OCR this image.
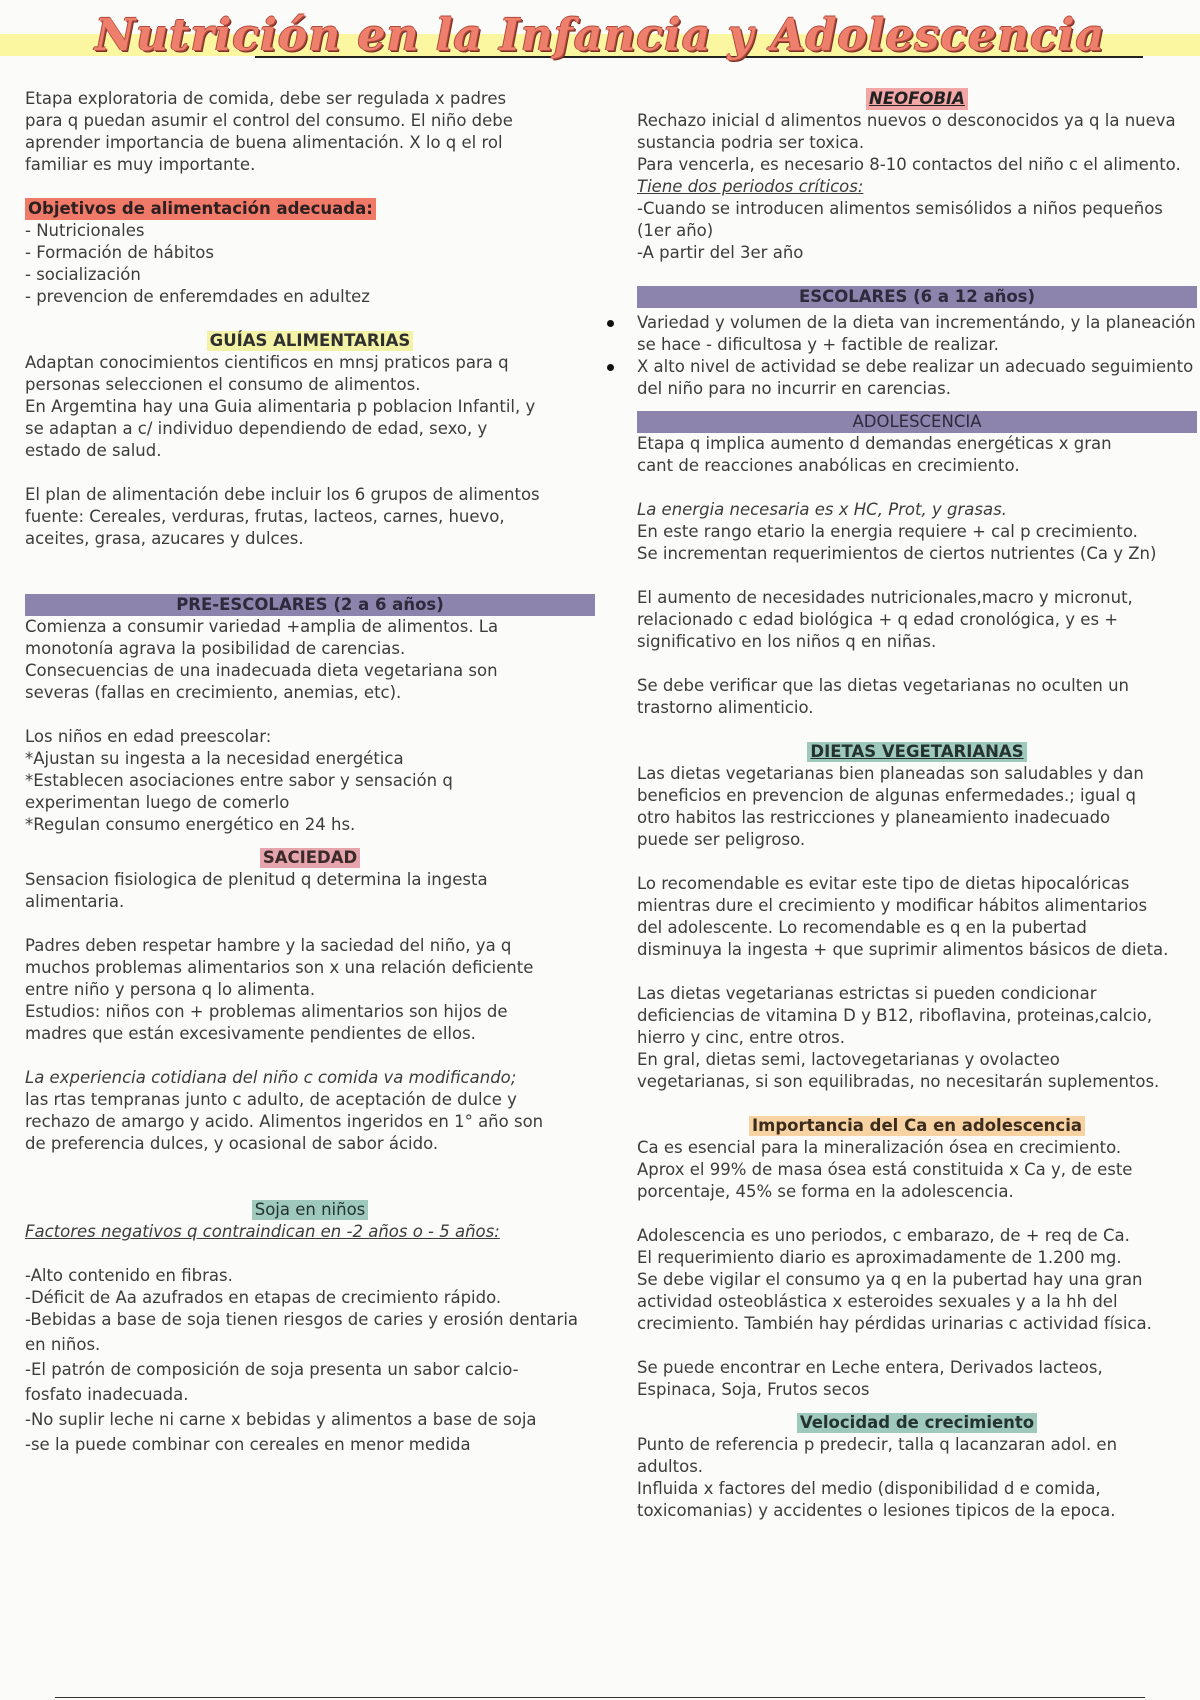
Nutrición en la Infancia y Adolescencia

Etapa exploratoria de comida, debe ser regulada x padres

para q puedan asumir el control del consumo. El niño debe

aprender importancia de buena alimentación. X lo q el rol

familiar es muy importante.

Objetivos de alimentación adecuada:

- Nutricionales

- Formación de hábitos

- socialización

- prevencion de enferemdades en adultez

GUÍAS ALIMENTARIAS

Adaptan conocimientos cientificos en mnsj praticos para q

personas seleccionen el consumo de alimentos.

En Argemtina hay una Guia alimentaria p poblacion Infantil, y

se adaptan a c/ individuo dependiendo de edad, sexo, y

estado de salud.

El plan de alimentación debe incluir los 6 grupos de alimentos

fuente: Cereales, verduras, frutas, lacteos, carnes, huevo,

aceites, grasa, azucares y dulces.

PRE-ESCOLARES (2 a 6 años)

Comienza a consumir variedad +amplia de alimentos. La

monotonía agrava la posibilidad de carencias.

Consecuencias de una inadecuada dieta vegetariana son

severas (fallas en crecimiento, anemias, etc).

Los niños en edad preescolar:

*Ajustan su ingesta a la necesidad energética

*Establecen asociaciones entre sabor y sensación q

experimentan luego de comerlo

*Regulan consumo energético en 24 hs.

SACIEDAD

Sensacion fisiologica de plenitud q determina la ingesta

alimentaria.

Padres deben respetar hambre y la saciedad del niño, ya q

muchos problemas alimentarios son x una relación deficiente

entre niño y persona q lo alimenta.

Estudios: niños con + problemas alimentarios son hijos de

madres que están excesivamente pendientes de ellos.

La experiencia cotidiana del niño c comida va modificando;

las rtas tempranas junto c adulto, de aceptación de dulce y

rechazo de amargo y acido. Alimentos ingeridos en 1° año son

de preferencia dulces, y ocasional de sabor ácido.

Soja en niños

Factores negativos q contraindican en -2 años o - 5 años:

-Alto contenido en fibras.

-Déficit de Aa azufrados en etapas de crecimiento rápido.

-Bebidas a base de soja tienen riesgos de caries y erosión dentaria

en niños.

-El patrón de composición de soja presenta un sabor calcio-

fosfato inadecuada.

-No suplir leche ni carne x bebidas y alimentos a base de soja

-se la puede combinar con cereales en menor medida

NEOFOBIA

Rechazo inicial d alimentos nuevos o desconocidos ya q la nueva

sustancia podria ser toxica.

Para vencerla, es necesario 8-10 contactos del niño c el alimento.

Tiene dos periodos críticos:

-Cuando se introducen alimentos semisólidos a niños pequeños

(1er año)

-A partir del 3er año

ESCOLARES (6 a 12 años)
Variedad y volumen de la dieta van incrementándo, y la planeación se hace - dificultosa y + factible de realizar.
X alto nivel de actividad se debe realizar un adecuado seguimiento del niño para no incurrir en carencias.
ADOLESCENCIA

Etapa q implica aumento d demandas energéticas x gran

cant de reacciones anabólicas en crecimiento.

La energia necesaria es x HC, Prot, y grasas.

En este rango etario la energia requiere + cal p crecimiento.

Se incrementan requerimientos de ciertos nutrientes (Ca y Zn)

El aumento de necesidades nutricionales,macro y micronut,

relacionado c edad biológica + q edad cronológica, y es +

significativo en los niños q en niñas.

Se debe verificar que las dietas vegetarianas no oculten un

trastorno alimenticio.

DIETAS VEGETARIANAS

Las dietas vegetarianas bien planeadas son saludables y dan

beneficios en prevencion de algunas enfermedades.; igual q

otro habitos las restricciones y planeamiento inadecuado

puede ser peligroso.

Lo recomendable es evitar este tipo de dietas hipocalóricas

mientras dure el crecimiento y modificar hábitos alimentarios

del adolescente. Lo recomendable es q en la pubertad

disminuya la ingesta + que suprimir alimentos básicos de dieta.

Las dietas vegetarianas estrictas si pueden condicionar

deficiencias de vitamina D y B12, riboflavina, proteinas,calcio,

hierro y cinc, entre otros.

En gral, dietas semi, lactovegetarianas y ovolacteo

vegetarianas, si son equilibradas, no necesitarán suplementos.

Importancia del Ca en adolescencia

Ca es esencial para la mineralización ósea en crecimiento.

Aprox el 99% de masa ósea está constituida x Ca y, de este

porcentaje, 45% se forma en la adolescencia.

Adolescencia es uno periodos, c embarazo, de + req de Ca.

El requerimiento diario es aproximadamente de 1.200 mg.

Se debe vigilar el consumo ya q en la pubertad hay una gran

actividad osteoblástica x esteroides sexuales y a la hh del

crecimiento. También hay pérdidas urinarias c actividad física.

Se puede encontrar en Leche entera, Derivados lacteos,

Espinaca, Soja, Frutos secos

Velocidad de crecimiento

Punto de referencia p predecir, talla q lacanzaran adol. en

adultos.

Influida x factores del medio (disponibilidad d e comida,

toxicomanias) y accidentes o lesiones tipicos de la epoca.
